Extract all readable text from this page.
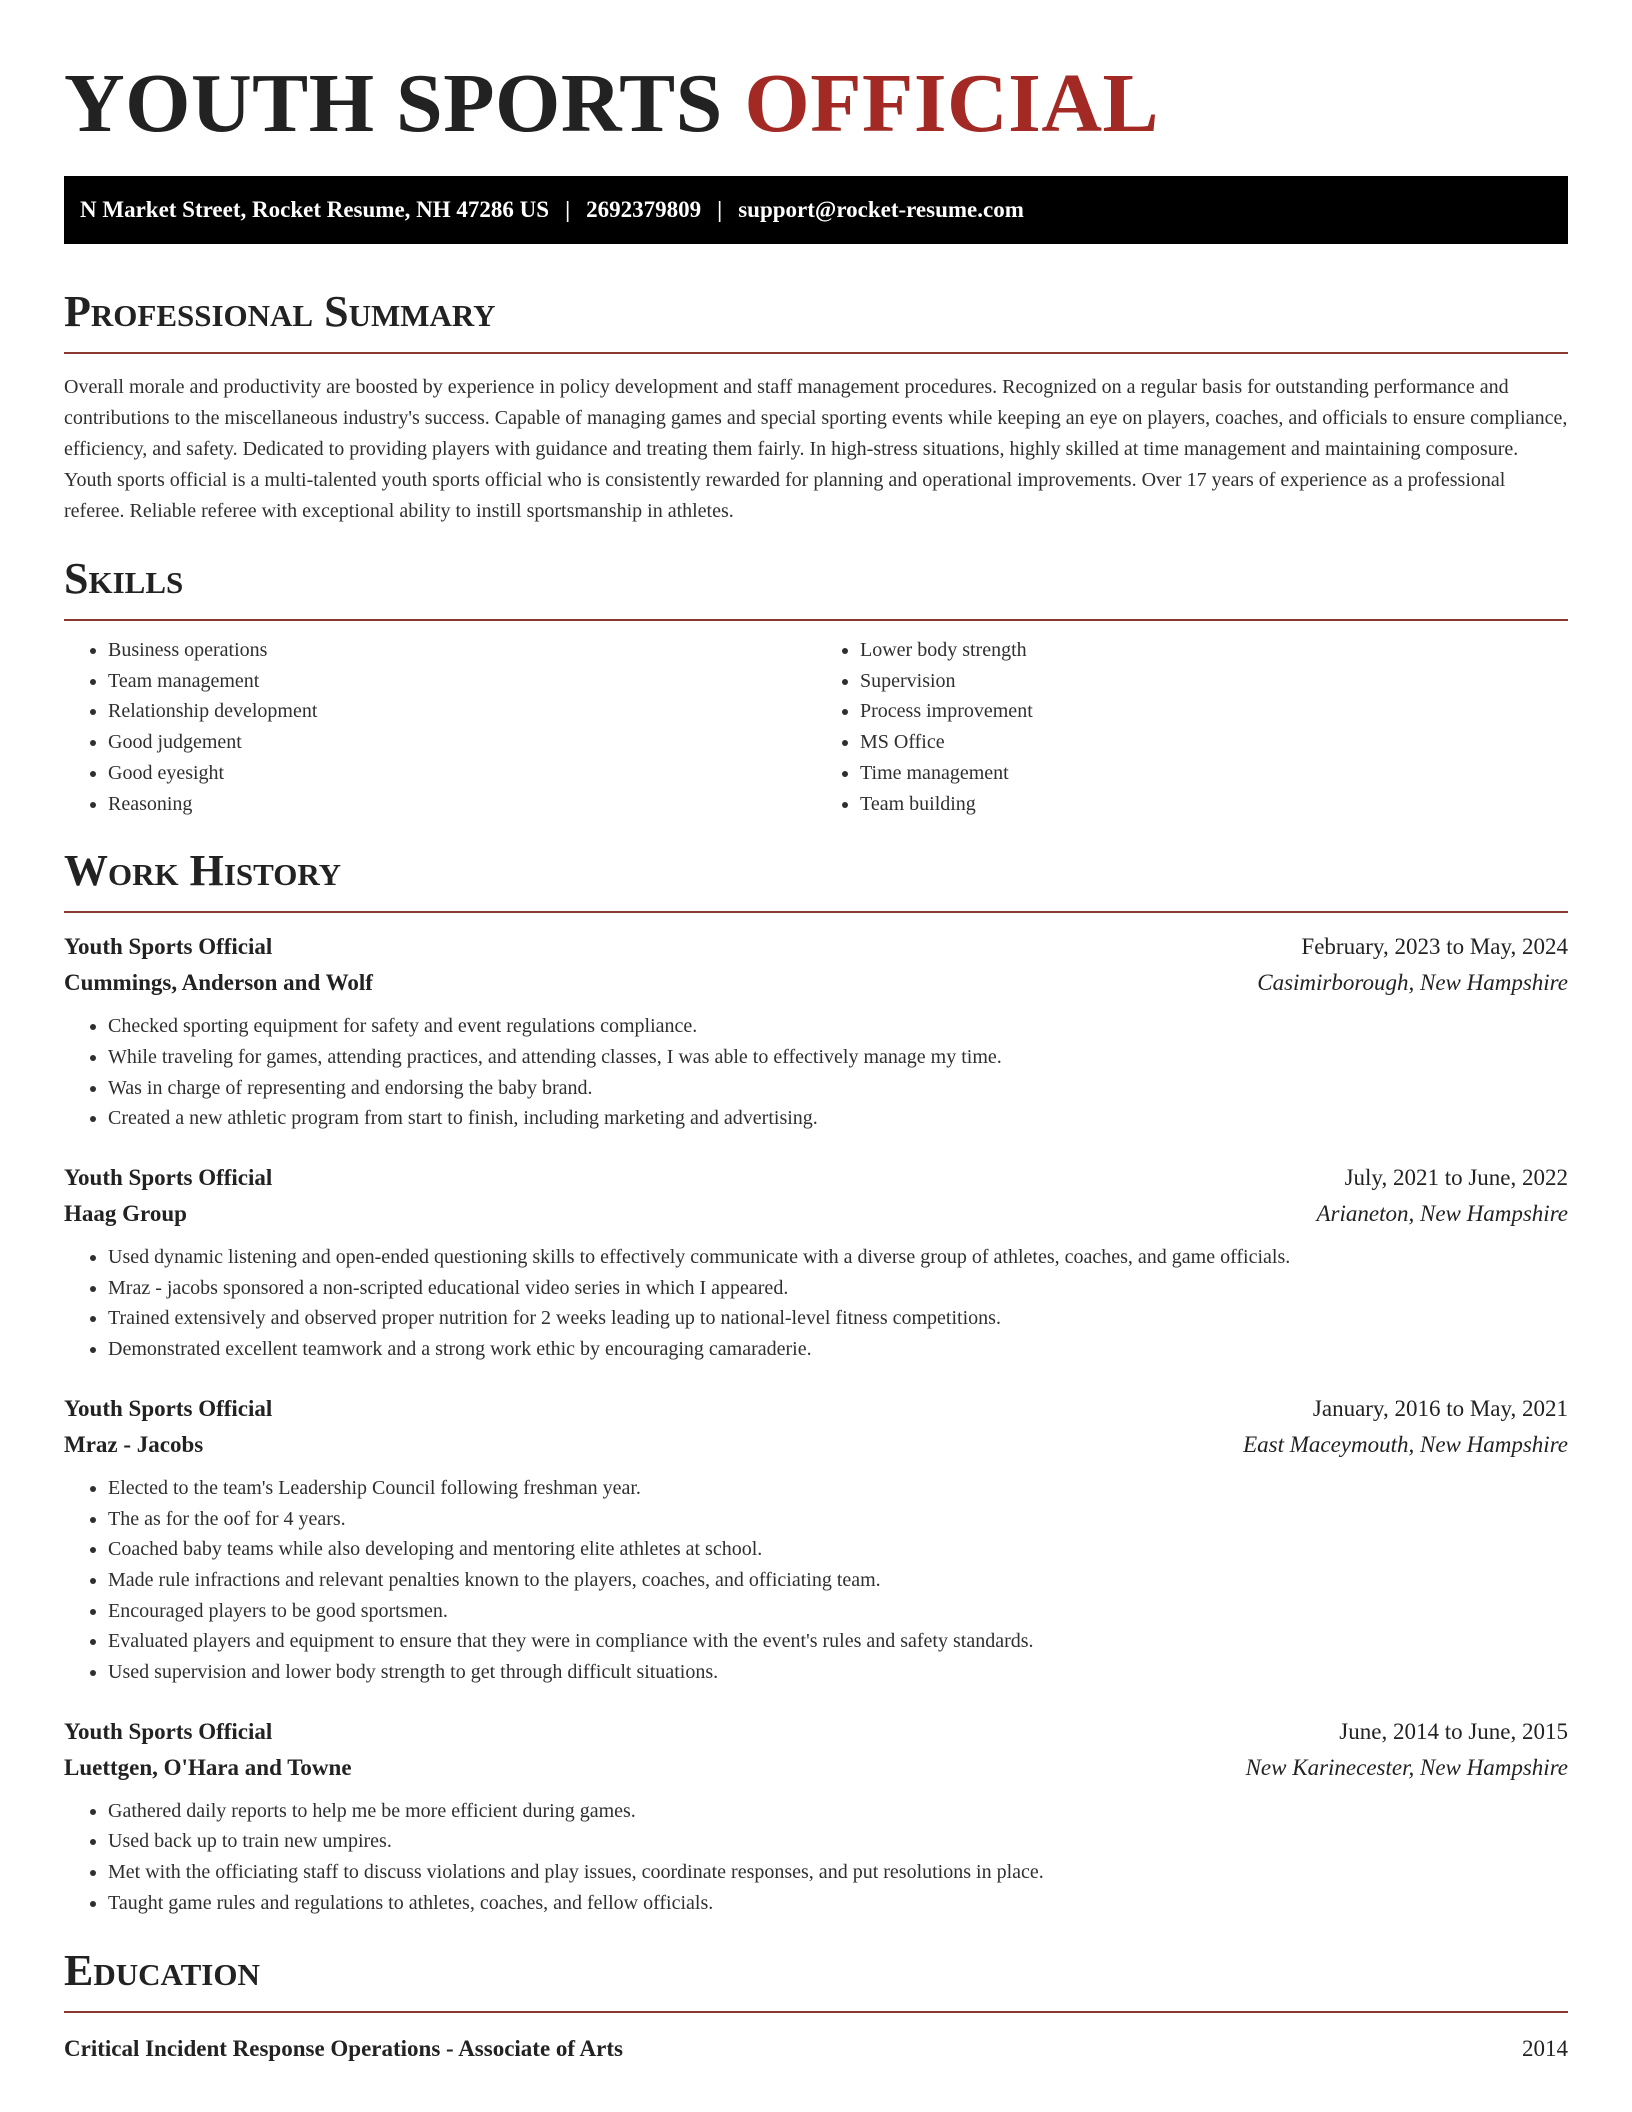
YOUTH SPORTS OFFICIAL
N Market Street, Rocket Resume, NH 47286 US | 2692379809 | support@rocket-resume.com
Professional Summary

Overall morale and productivity are boosted by experience in policy development and staff management procedures. Recognized on a regular basis for outstanding performance and contributions to the miscellaneous industry's success. Capable of managing games and special sporting events while keeping an eye on players, coaches, and officials to ensure compliance, efficiency, and safety. Dedicated to providing players with guidance and treating them fairly. In high-stress situations, highly skilled at time management and maintaining composure. Youth sports official is a multi-talented youth sports official who is consistently rewarded for planning and operational improvements. Over 17 years of experience as a professional referee. Reliable referee with exceptional ability to instill sportsmanship in athletes.

Skills
• Business operations
• Team management
• Relationship development
• Good judgement
• Good eyesight
• Reasoning
• Lower body strength
• Supervision
• Process improvement
• MS Office
• Time management
• Team building
Work History
Youth Sports Official	February, 2023 to May, 2024
Cummings, Anderson and Wolf	Casimirborough, New Hampshire
• Checked sporting equipment for safety and event regulations compliance.
• While traveling for games, attending practices, and attending classes, I was able to effectively manage my time.
• Was in charge of representing and endorsing the baby brand.
• Created a new athletic program from start to finish, including marketing and advertising.
Youth Sports Official	July, 2021 to June, 2022
Haag Group	Arianeton, New Hampshire
• Used dynamic listening and open-ended questioning skills to effectively communicate with a diverse group of athletes, coaches, and game officials.
• Mraz - jacobs sponsored a non-scripted educational video series in which I appeared.
• Trained extensively and observed proper nutrition for 2 weeks leading up to national-level fitness competitions.
• Demonstrated excellent teamwork and a strong work ethic by encouraging camaraderie.
Youth Sports Official	January, 2016 to May, 2021
Mraz - Jacobs	East Maceymouth, New Hampshire
• Elected to the team's Leadership Council following freshman year.
• The as for the oof for 4 years.
• Coached baby teams while also developing and mentoring elite athletes at school.
• Made rule infractions and relevant penalties known to the players, coaches, and officiating team.
• Encouraged players to be good sportsmen.
• Evaluated players and equipment to ensure that they were in compliance with the event's rules and safety standards.
• Used supervision and lower body strength to get through difficult situations.
Youth Sports Official	June, 2014 to June, 2015
Luettgen, O'Hara and Towne	New Karinecester, New Hampshire
• Gathered daily reports to help me be more efficient during games.
• Used back up to train new umpires.
• Met with the officiating staff to discuss violations and play issues, coordinate responses, and put resolutions in place.
• Taught game rules and regulations to athletes, coaches, and fellow officials.
Education
Critical Incident Response Operations - Associate of Arts	2014
